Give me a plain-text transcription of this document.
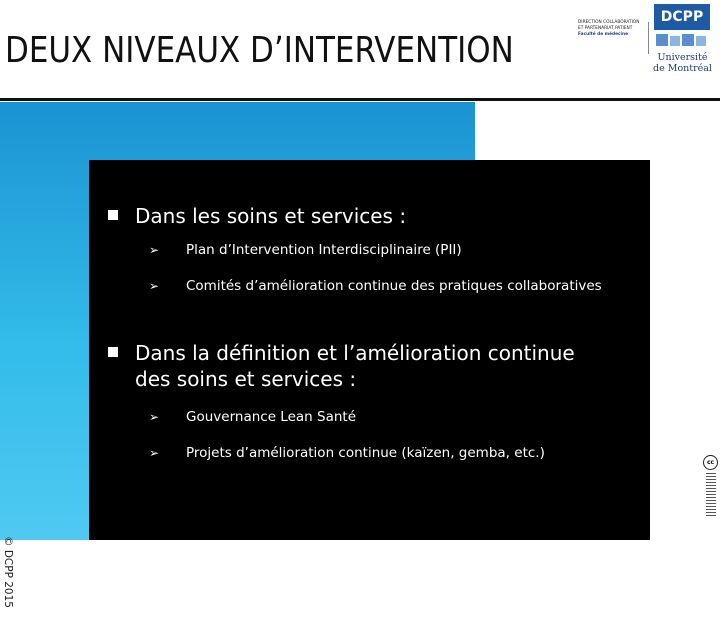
DEUX NIVEAUX D’INTERVENTION
DIRECTION COLLABORATION
ET PARTENARIAT PATIENT
Faculté de médecine
DCPP
Université
de Montréal
Dans les soins et services :
➢ Plan d’Intervention Interdisciplinaire (PII)
➢ Comités d’amélioration continue des pratiques collaboratives
Dans la définition et l’amélioration continue des soins et services :
➢ Gouvernance Lean Santé
➢ Projets d’amélioration continue (kaïzen, gemba, etc.)
© DCPP 2015
cc
